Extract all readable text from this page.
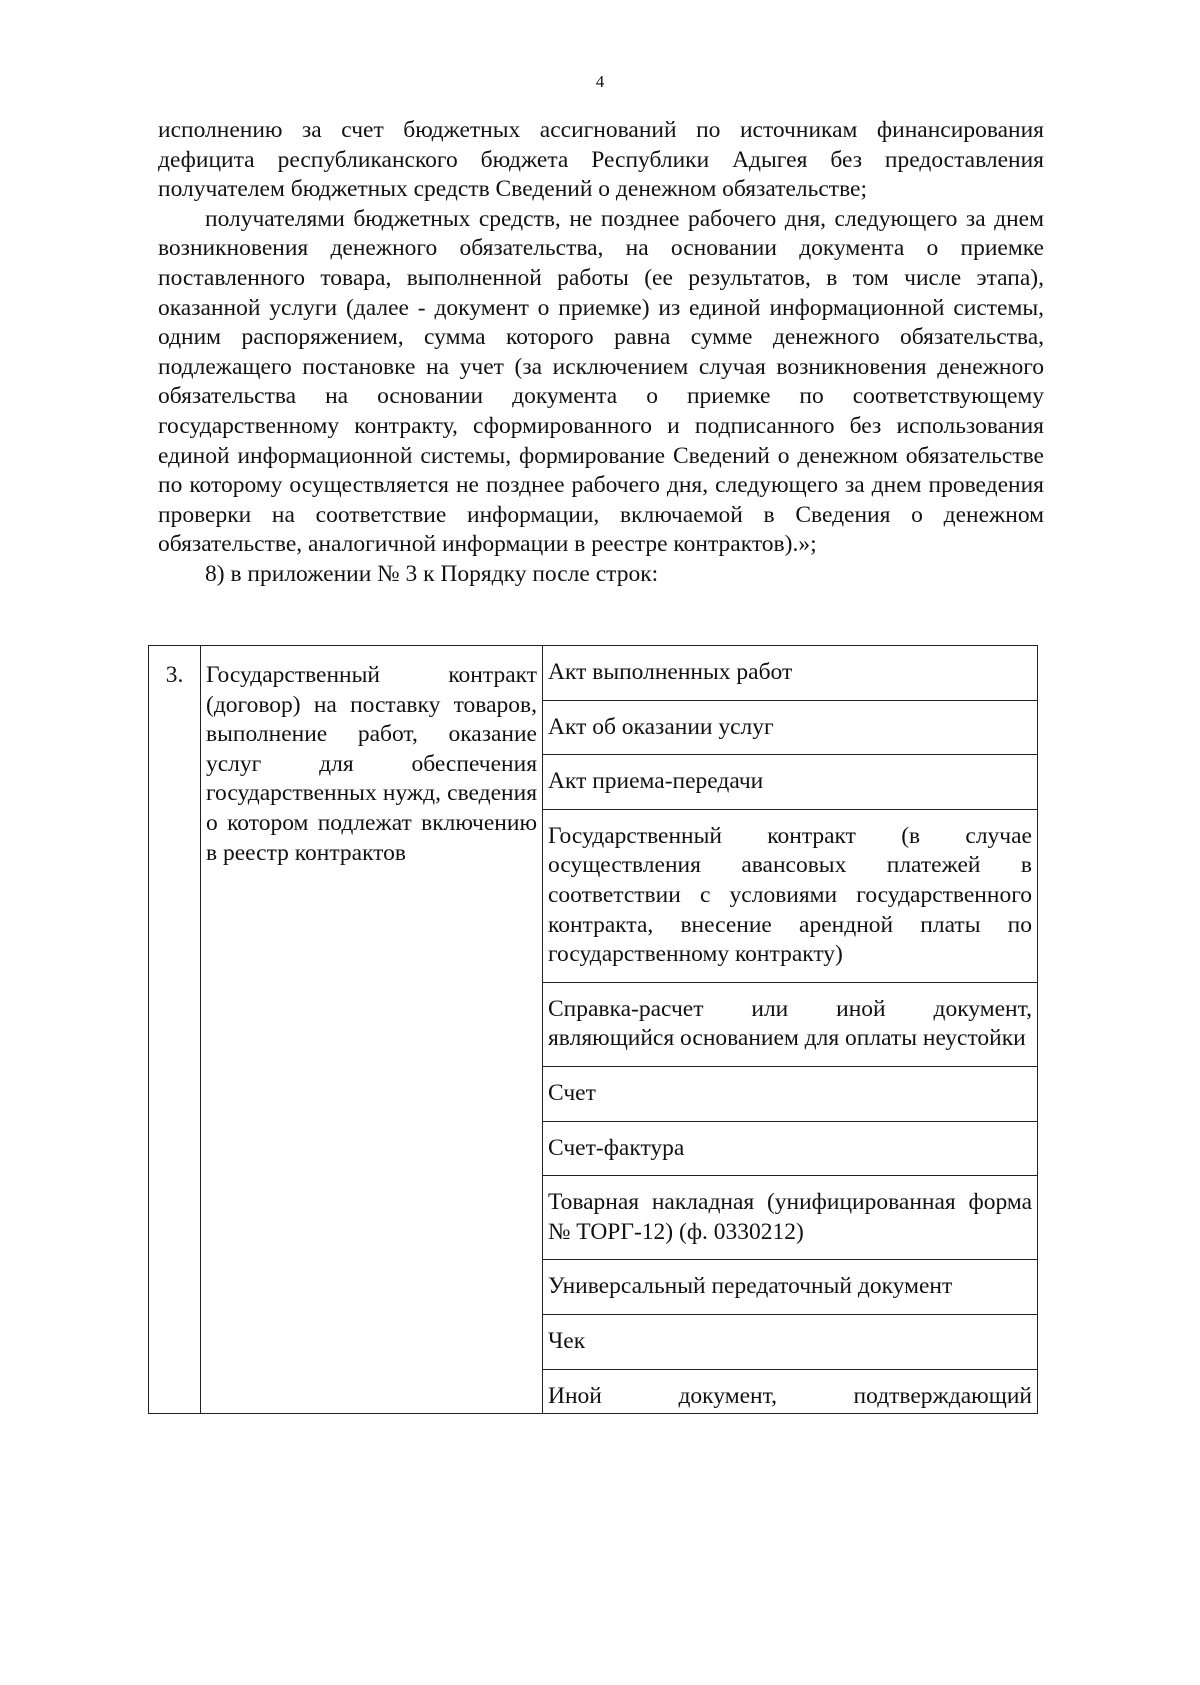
4

исполнению за счет бюджетных ассигнований по источникам финансирования дефицита республиканского бюджета Республики Адыгея без предоставления получателем бюджетных средств Сведений о денежном обязательстве;

получателями бюджетных средств, не позднее рабочего дня, следующего за днем возникновения денежного обязательства, на основании документа о приемке поставленного товара, выполненной работы (ее результатов, в том числе этапа), оказанной услуги (далее - документ о приемке) из единой информационной системы, одним распоряжением, сумма которого равна сумме денежного обязательства, подлежащего постановке на учет (за исключением случая возникновения денежного обязательства на основании документа о приемке по соответствующему государственному контракту, сформированного и подписанного без использования единой информационной системы, формирование Сведений о денежном обязательстве по которому осуществляется не позднее рабочего дня, следующего за днем проведения проверки на соответствие информации, включаемой в Сведения о денежном обязательстве, аналогичной информации в реестре контрактов).»;

8) в приложении № 3 к Порядку после строк:

3.	Государственный контракт (договор) на поставку товаров, выполнение работ, оказание услуг для обеспечения государственных нужд, сведения о котором подлежат включению в реестр контрактов	Акт выполненных работ
Акт об оказании услуг
Акт приема-передачи
Государственный контракт (в случае осуществления авансовых платежей в соответствии с условиями государственного контракта, внесение арендной платы по государственному контракту)
Справка-расчет или иной документ, являющийся основанием для оплаты неустойки
Счет
Счет-фактура
Товарная накладная (унифицированная форма № ТОРГ-12) (ф. 0330212)
Универсальный передаточный документ
Чек
Иной документ, подтверждающий
